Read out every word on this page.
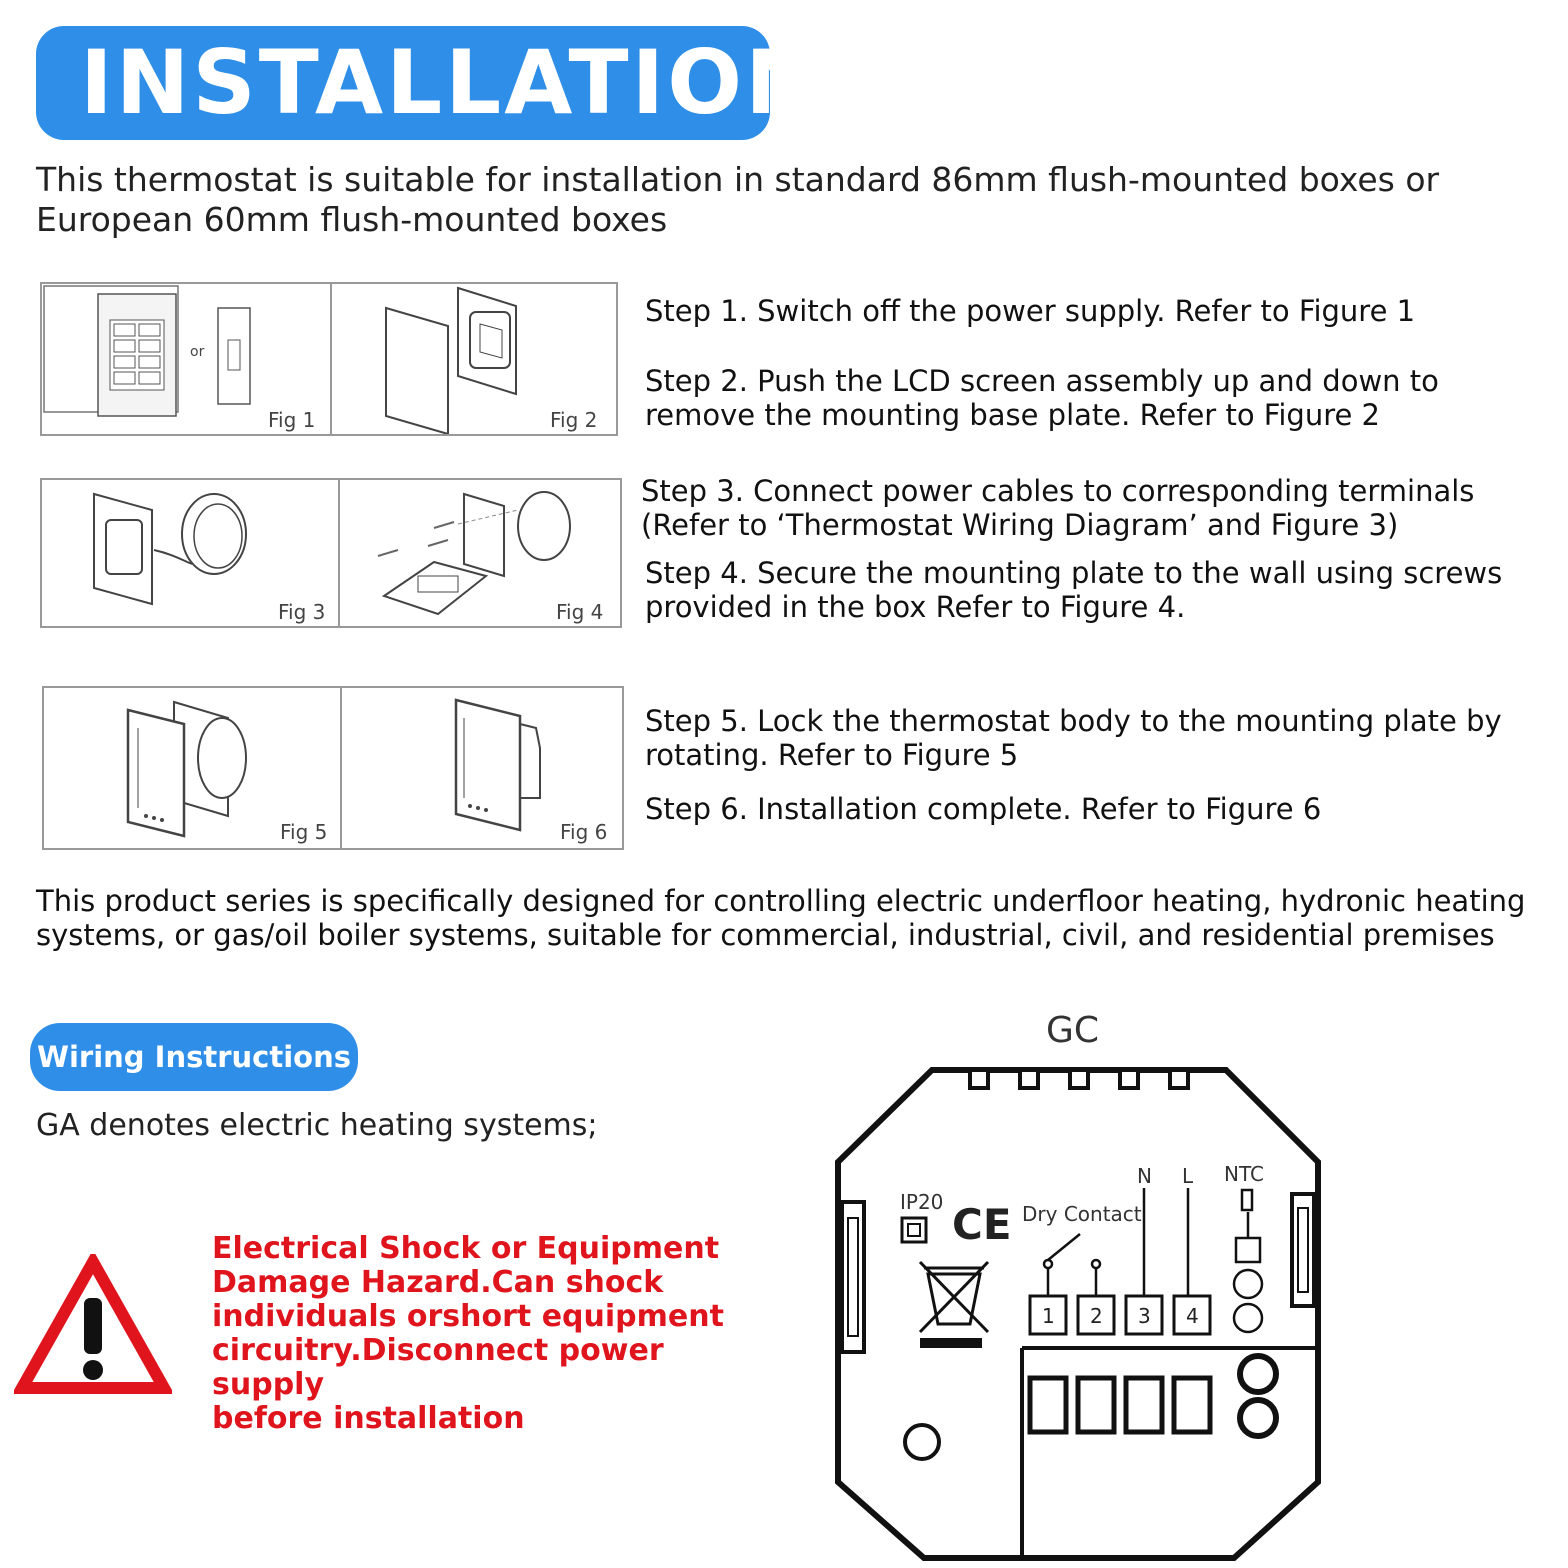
INSTALLATION
This thermostat is suitable for installation in standard 86mm flush-mounted boxes or European 60mm flush-mounted boxes
or
Fig 1	Fig 2
Fig 3	Fig 4
Fig 5	Fig 6
Step 1. Switch off the power supply. Refer to Figure 1
Step 2. Push the LCD screen assembly up and down to
remove the mounting base plate. Refer to Figure 2
Step 3. Connect power cables to corresponding terminals
(Refer to ‘Thermostat Wiring Diagram’ and Figure 3)
Step 4. Secure the mounting plate to the wall using screws
provided in the box Refer to Figure 4.
Step 5. Lock the thermostat body to the mounting plate by
rotating. Refer to Figure 5
Step 6. Installation complete. Refer to Figure 6
This product series is specifically designed for controlling electric underfloor heating, hydronic heating
systems, or gas/oil boiler systems, suitable for commercial, industrial, civil, and residential premises
Wiring Instructions
GA denotes electric heating systems;
Electrical Shock or Equipment
Damage Hazard.Can shock
individuals orshort equipment
circuitry.Disconnect power supply
before installation
GC
IP20 CE Dry Contact
N L NTC
1 2 3 4
